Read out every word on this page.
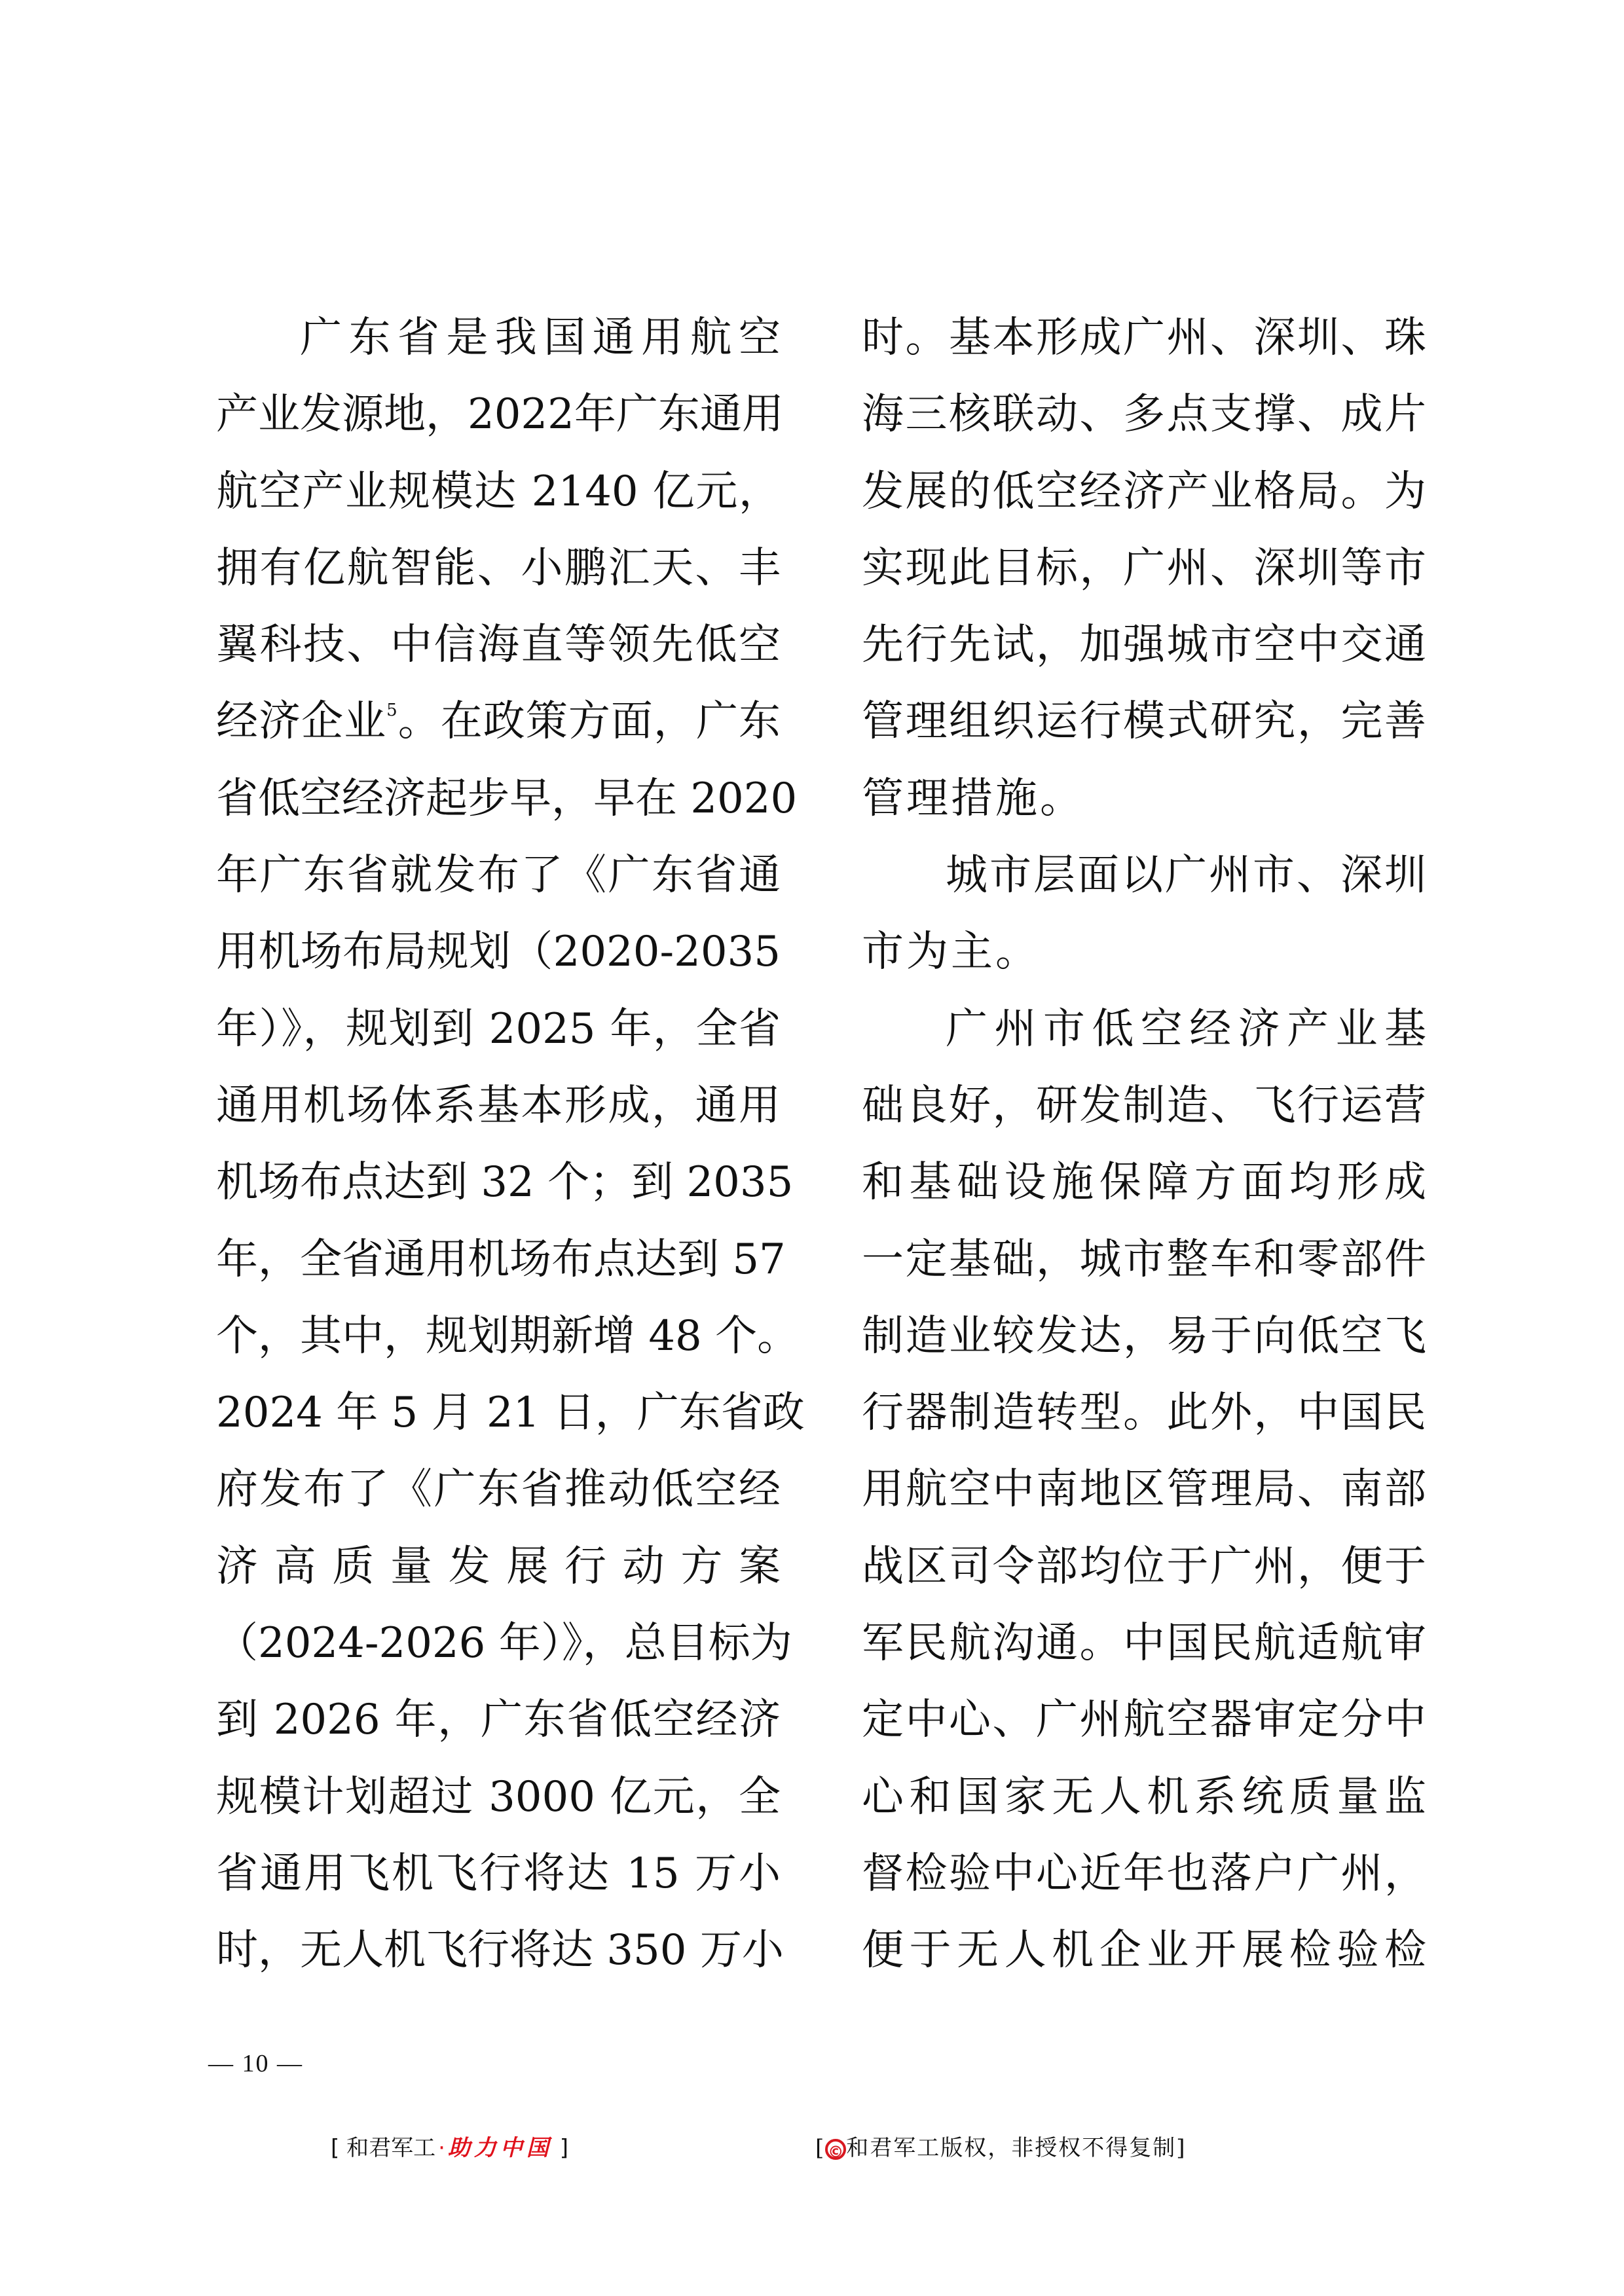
广东省是我国通用航空
产业发源地，2022年广东通用
航空产业规模达 2140 亿元，
拥有亿航智能、小鹏汇天、丰
翼科技、中信海直等领先低空
经济企业$^5$。在政策方面，广东
省低空经济起步早，早在 2020
年广东省就发布了《广东省通
用机场布局规划（2020-2035
年）》，规划到 2025 年，全省
通用机场体系基本形成，通用
机场布点达到 32 个；到 2035
年，全省通用机场布点达到 57
个，其中，规划期新增 48 个。
2024 年 5 月 21 日，广东省政
府发布了《广东省推动低空经
济 高 质 量 发 展 行 动 方 案
（2024-2026 年）》，总目标为
到 2026 年，广东省低空经济
规模计划超过 3000 亿元，全
省通用飞机飞行将达 15 万小
时，无人机飞行将达 350 万小
时。基本形成广州、深圳、珠
海三核联动、多点支撑、成片
发展的低空经济产业格局。为
实现此目标，广州、深圳等市
先行先试，加强城市空中交通
管理组织运行模式研究，完善
管理措施。
城市层面以广州市、深圳
市为主。
广州市低空经济产业基
础良好，研发制造、飞行运营
和基础设施保障方面均形成
一定基础，城市整车和零部件
制造业较发达，易于向低空飞
行器制造转型。此外，中国民
用航空中南地区管理局、南部
战区司令部均位于广州，便于
军民航沟通。中国民航适航审
定中心、广州航空器审定分中
心和国家无人机系统质量监
督检验中心近年也落户广州，
便于无人机企业开展检验检
— 10 —
[ 和君军工 · 助力中国 ]	[ ©和君军工版权，非授权不得复制]
